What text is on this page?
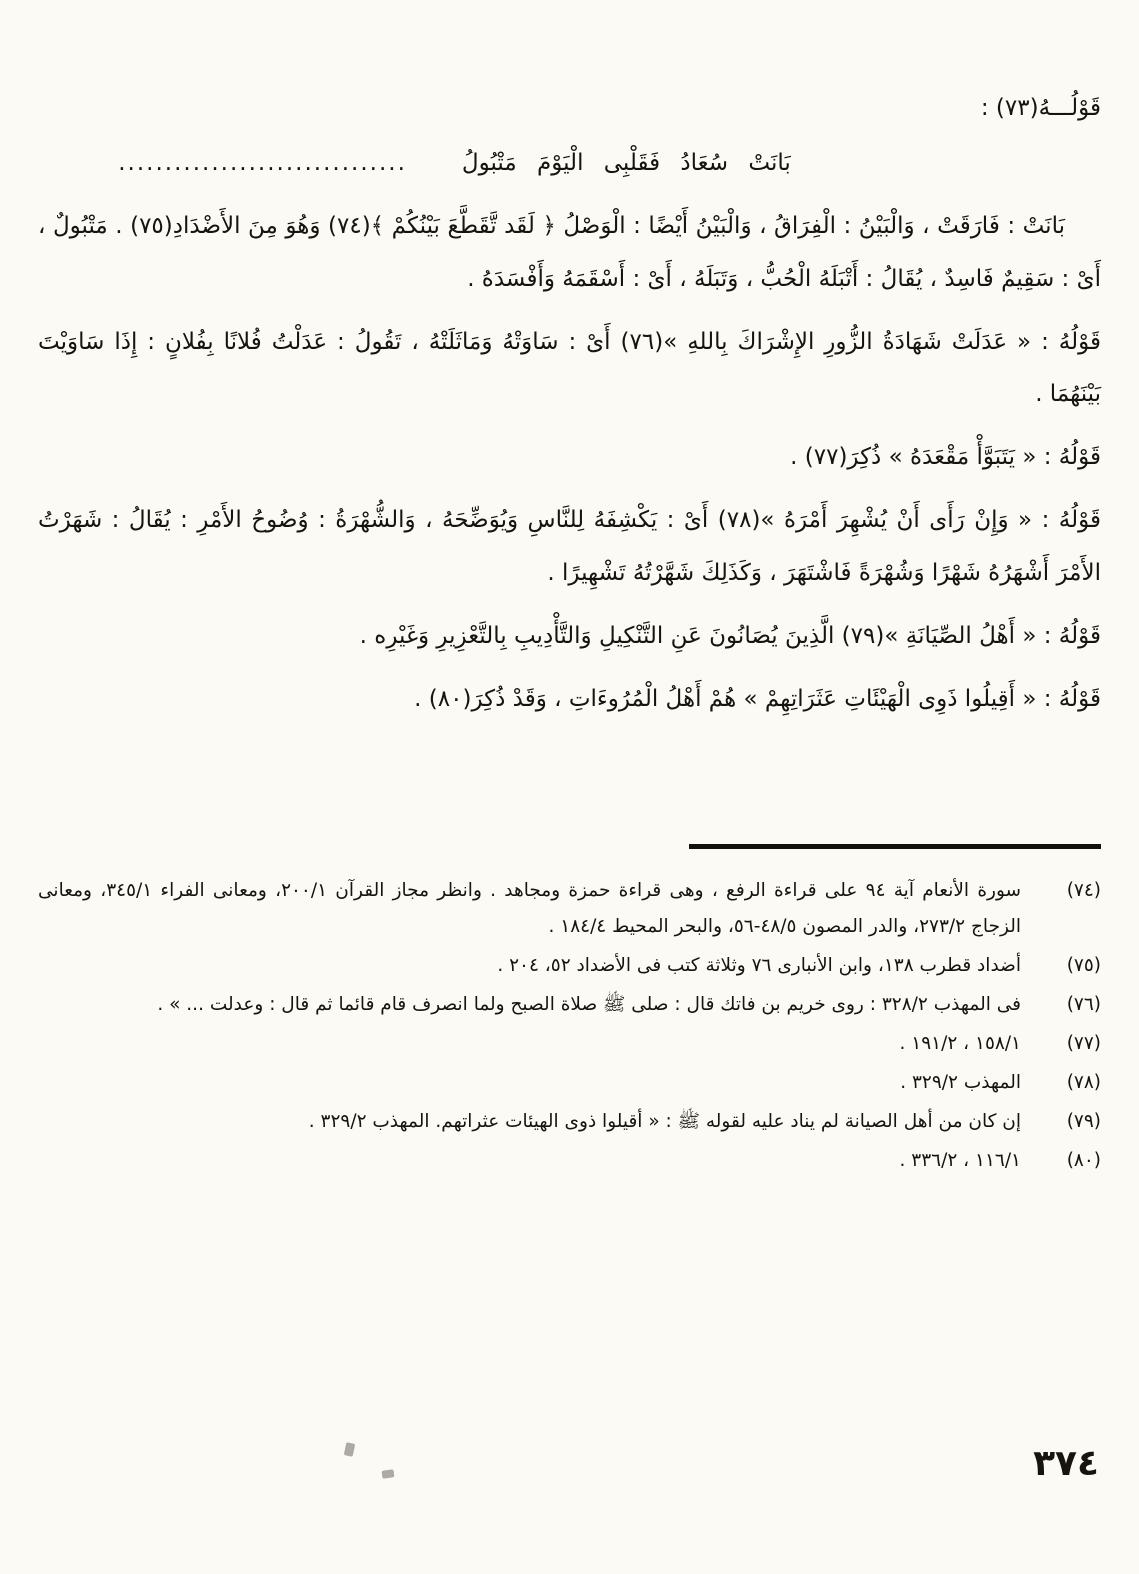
قَوْلُـــهُ(٧٣) :

بَانَتْ سُعَادُ فَقَلْبِى الْيَوْمَ مَتْبُولُ
...............................

بَانَتْ : فَارَقَتْ ، وَالْبَيْنُ : الْفِرَاقُ ، وَالْبَيْنُ أَيْضًا : الْوَصْلُ ﴿ لَقَد تَّقَطَّعَ بَيْنُكُمْ ﴾(٧٤) وَهُوَ مِنَ الأَضْدَادِ(٧٥) . مَتْبُولٌ ، أَىْ : سَقِيمٌ فَاسِدٌ ، يُقَالُ : أَتْبَلَهُ الْحُبُّ ، وَتَبَلَهُ ، أَىْ : أَسْقَمَهُ وَأَفْسَدَهُ .

قَوْلُهُ : « عَدَلَتْ شَهَادَةُ الزُّورِ الإِشْرَاكَ بِاللهِ »(٧٦) أَىْ : سَاوَتْهُ وَمَاثَلَتْهُ ، تَقُولُ : عَدَلْتُ فُلانًا بِفُلانٍ : إِذَا سَاوَيْتَ بَيْنَهُمَا .

قَوْلُهُ : « يَتَبَوَّأْ مَقْعَدَهُ » ذُكِرَ(٧٧) .

قَوْلُهُ : « وَإِنْ رَأَى أَنْ يُشْهِرَ أَمْرَهُ »(٧٨) أَىْ : يَكْشِفَهُ لِلنَّاسِ وَيُوَضِّحَهُ ، وَالشُّهْرَةُ : وُضُوحُ الأَمْرِ : يُقَالُ : شَهَرْتُ الأَمْرَ أَشْهَرُهُ شَهْرًا وَشُهْرَةً فَاشْتَهَرَ ، وَكَذَلِكَ شَهَّرْتُهُ تَشْهِيرًا .

قَوْلُهُ : « أَهْلُ الصِّيَانَةِ »(٧٩) الَّذِينَ يُصَانُونَ عَنِ التَّنْكِيلِ وَالتَّأْدِيبِ بِالتَّعْزِيرِ وَغَيْرِه .

قَوْلُهُ : « أَقِيلُوا ذَوِى الْهَيْئَاتِ عَثَرَاتِهِمْ » هُمْ أَهْلُ الْمُرُوءَاتِ ، وَقَدْ ذُكِرَ(٨٠) .

(٧٤)
سورة الأنعام آية ٩٤ على قراءة الرفع ، وهى قراءة حمزة ومجاهد . وانظر مجاز القرآن ٢٠٠/١، ومعانى الفراء ٣٤٥/١، ومعانى الزجاج ٢٧٣/٢، والدر المصون ٤٨/٥-٥٦، والبحر المحيط ١٨٤/٤ .
(٧٥)
أضداد قطرب ١٣٨، وابن الأنبارى ٧٦ وثلاثة كتب فى الأضداد ٥٢، ٢٠٤ .
(٧٦)
فى المهذب ٣٢٨/٢ : روى خريم بن فاتك قال : صلى ﷺ صلاة الصبح ولما انصرف قام قائما ثم قال : وعدلت ... » .
(٧٧)
١٥٨/١ ، ١٩١/٢ .
(٧٨)
المهذب ٣٢٩/٢ .
(٧٩)
إن كان من أهل الصيانة لم يناد عليه لقوله ﷺ : « أقيلوا ذوى الهيئات عثراتهم. المهذب ٣٢٩/٢ .
(٨٠)
١١٦/١ ، ٣٣٦/٢ .
٣٧٤
